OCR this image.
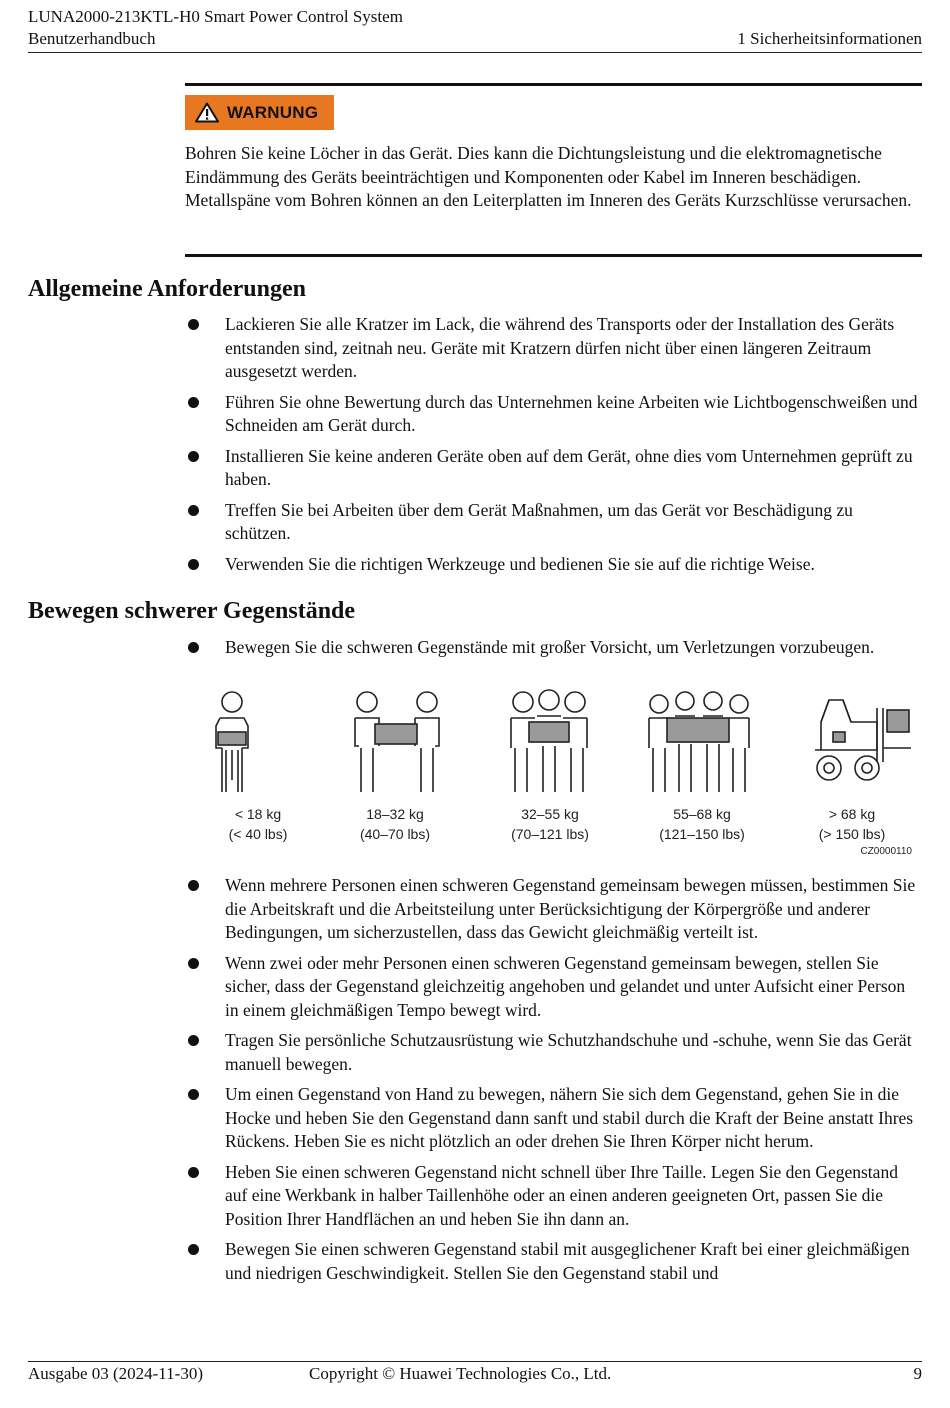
LUNA2000-213KTL-H0 Smart Power Control System
Benutzerhandbuch	1 Sicherheitsinformationen
WARNUNG
Bohren Sie keine Löcher in das Gerät. Dies kann die Dichtungsleistung und die elektromagnetische Eindämmung des Geräts beeinträchtigen und Komponenten oder Kabel im Inneren beschädigen. Metallspäne vom Bohren können an den Leiterplatten im Inneren des Geräts Kurzschlüsse verursachen.
Allgemeine Anforderungen
Lackieren Sie alle Kratzer im Lack, die während des Transports oder der Installation des Geräts entstanden sind, zeitnah neu. Geräte mit Kratzern dürfen nicht über einen längeren Zeitraum ausgesetzt werden.
Führen Sie ohne Bewertung durch das Unternehmen keine Arbeiten wie Lichtbogenschweißen und Schneiden am Gerät durch.
Installieren Sie keine anderen Geräte oben auf dem Gerät, ohne dies vom Unternehmen geprüft zu haben.
Treffen Sie bei Arbeiten über dem Gerät Maßnahmen, um das Gerät vor Beschädigung zu schützen.
Verwenden Sie die richtigen Werkzeuge und bedienen Sie sie auf die richtige Weise.
Bewegen schwerer Gegenstände
Bewegen Sie die schweren Gegenstände mit großer Vorsicht, um Verletzungen vorzubeugen.
< 18 kg
(< 40 lbs)
18–32 kg
(40–70 lbs)
32–55 kg
(70–121 lbs)
55–68 kg
(121–150 lbs)
> 68 kg
(> 150 lbs)
CZ0000110
Wenn mehrere Personen einen schweren Gegenstand gemeinsam bewegen müssen, bestimmen Sie die Arbeitskraft und die Arbeitsteilung unter Berücksichtigung der Körpergröße und anderer Bedingungen, um sicherzustellen, dass das Gewicht gleichmäßig verteilt ist.
Wenn zwei oder mehr Personen einen schweren Gegenstand gemeinsam bewegen, stellen Sie sicher, dass der Gegenstand gleichzeitig angehoben und gelandet und unter Aufsicht einer Person in einem gleichmäßigen Tempo bewegt wird.
Tragen Sie persönliche Schutzausrüstung wie Schutzhandschuhe und -schuhe, wenn Sie das Gerät manuell bewegen.
Um einen Gegenstand von Hand zu bewegen, nähern Sie sich dem Gegenstand, gehen Sie in die Hocke und heben Sie den Gegenstand dann sanft und stabil durch die Kraft der Beine anstatt Ihres Rückens. Heben Sie es nicht plötzlich an oder drehen Sie Ihren Körper nicht herum.
Heben Sie einen schweren Gegenstand nicht schnell über Ihre Taille. Legen Sie den Gegenstand auf eine Werkbank in halber Taillenhöhe oder an einen anderen geeigneten Ort, passen Sie die Position Ihrer Handflächen an und heben Sie ihn dann an.
Bewegen Sie einen schweren Gegenstand stabil mit ausgeglichener Kraft bei einer gleichmäßigen und niedrigen Geschwindigkeit. Stellen Sie den Gegenstand stabil und
Ausgabe 03 (2024-11-30)	Copyright © Huawei Technologies Co., Ltd.	9
